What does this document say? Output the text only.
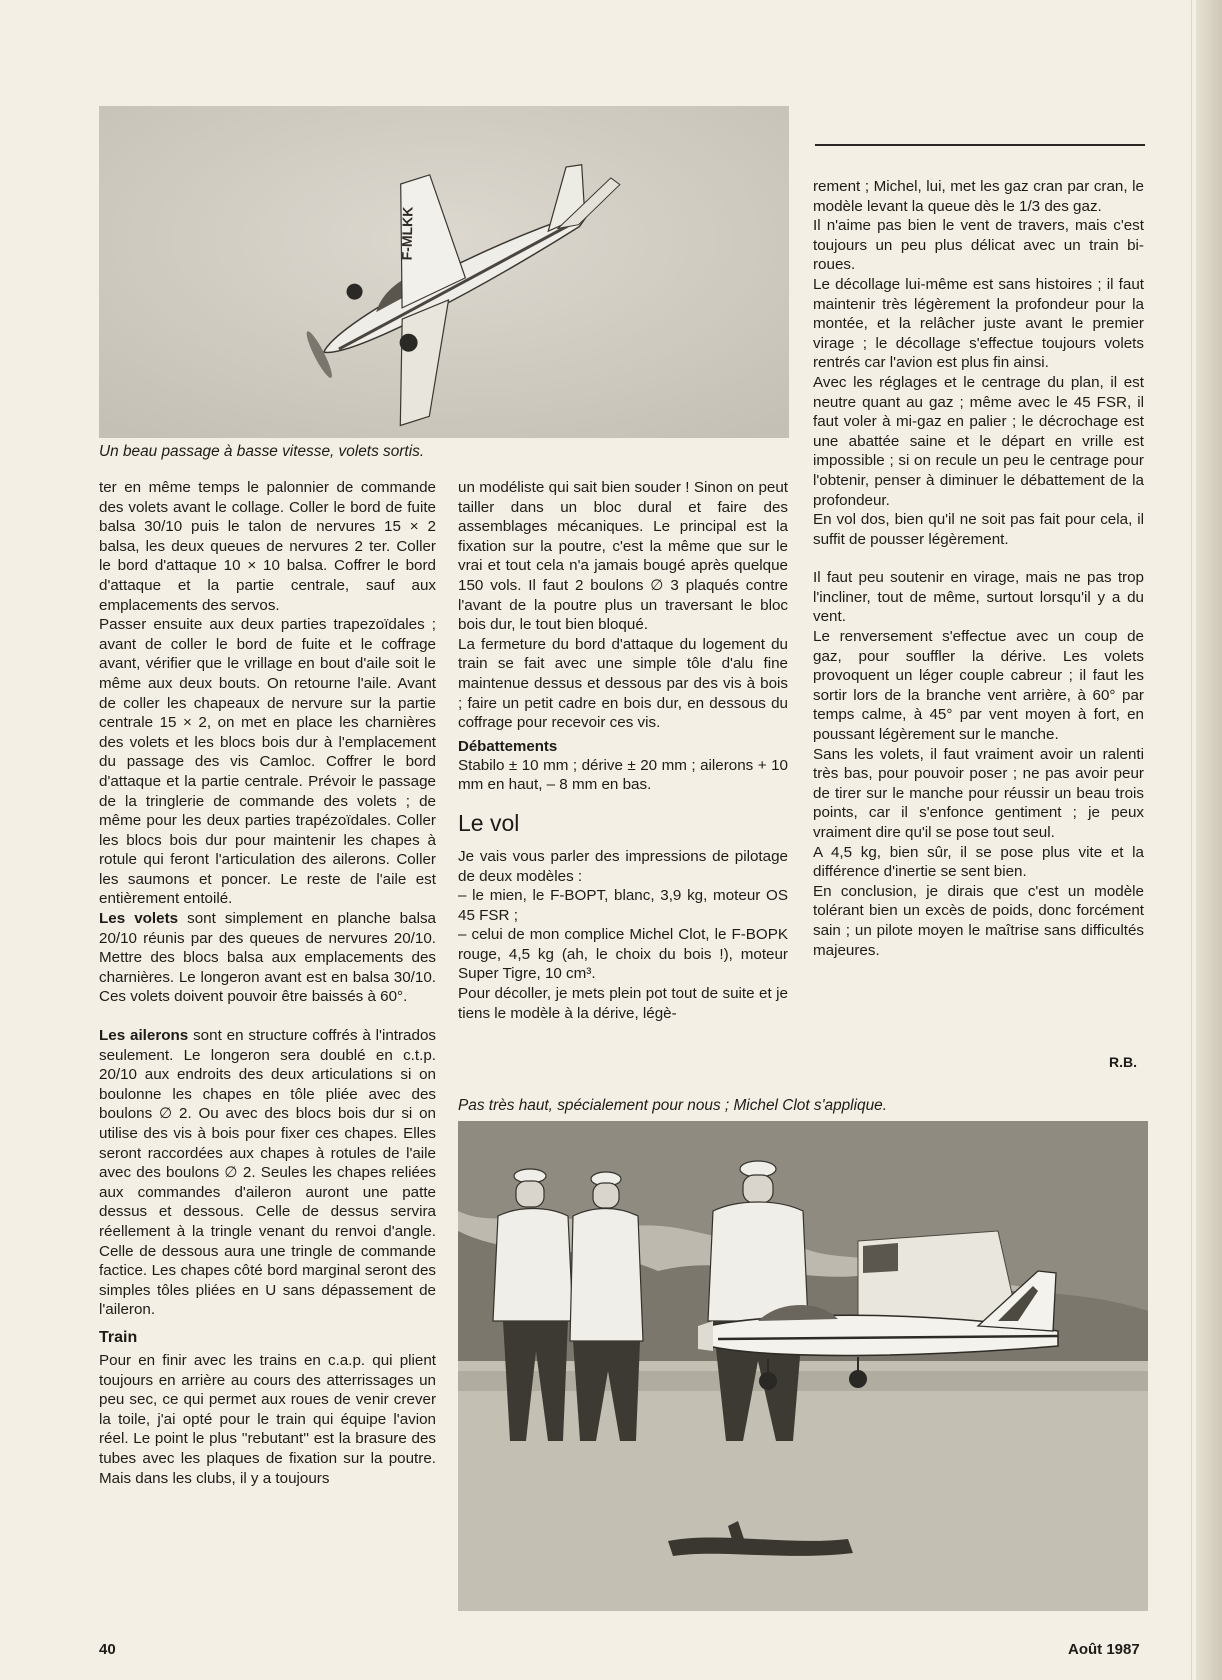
F-MLKK
Un beau passage à basse vitesse, volets sortis.

ter en même temps le palonnier de commande des volets avant le collage. Coller le bord de fuite balsa 30/10 puis le talon de nervures 15 × 2 balsa, les deux queues de nervures 2 ter. Coller le bord d'attaque 10 × 10 balsa. Coffrer le bord d'attaque et la partie centrale, sauf aux emplacements des servos.

Passer ensuite aux deux parties trapezoïdales ; avant de coller le bord de fuite et le coffrage avant, vérifier que le vrillage en bout d'aile soit le même aux deux bouts. On retourne l'aile. Avant de coller les chapeaux de nervure sur la partie centrale 15 × 2, on met en place les charnières des volets et les blocs bois dur à l'emplacement du passage des vis Camloc. Coffrer le bord d'attaque et la partie centrale. Prévoir le passage de la tringlerie de commande des volets ; de même pour les deux parties trapézoïdales. Coller les blocs bois dur pour maintenir les chapes à rotule qui feront l'articulation des ailerons. Coller les saumons et poncer. Le reste de l'aile est entièrement entoilé.

Les volets sont simplement en planche balsa 20/10 réunis par des queues de nervures 20/10. Mettre des blocs balsa aux emplacements des charnières. Le longeron avant est en balsa 30/10. Ces volets doivent pouvoir être baissés à 60°.

Les ailerons sont en structure coffrés à l'intrados seulement. Le longeron sera doublé en c.t.p. 20/10 aux endroits des deux articulations si on boulonne les chapes en tôle pliée avec des boulons ∅ 2. Ou avec des blocs bois dur si on utilise des vis à bois pour fixer ces chapes. Elles seront raccordées aux chapes à rotules de l'aile avec des boulons ∅ 2. Seules les chapes reliées aux commandes d'aileron auront une patte dessus et dessous. Celle de dessus servira réellement à la tringle venant du renvoi d'angle. Celle de dessous aura une tringle de commande factice. Les chapes côté bord marginal seront des simples tôles pliées en U sans dépassement de l'aileron.

Train

Pour en finir avec les trains en c.a.p. qui plient toujours en arrière au cours des atterrissages un peu sec, ce qui permet aux roues de venir crever la toile, j'ai opté pour le train qui équipe l'avion réel. Le point le plus ''rebutant'' est la brasure des tubes avec les plaques de fixation sur la poutre. Mais dans les clubs, il y a toujours

un modéliste qui sait bien souder ! Sinon on peut tailler dans un bloc dural et faire des assemblages mécaniques. Le principal est la fixation sur la poutre, c'est la même que sur le vrai et tout cela n'a jamais bougé après quelque 150 vols. Il faut 2 boulons ∅ 3 plaqués contre l'avant de la poutre plus un traversant le bloc bois dur, le tout bien bloqué.

La fermeture du bord d'attaque du logement du train se fait avec une simple tôle d'alu fine maintenue dessus et dessous par des vis à bois ; faire un petit cadre en bois dur, en dessous du coffrage pour recevoir ces vis.

Débattements

Stabilo ± 10 mm ; dérive ± 20 mm ; ailerons + 10 mm en haut, – 8 mm en bas.

Le vol

Je vais vous parler des impressions de pilotage de deux modèles :

– le mien, le F-BOPT, blanc, 3,9 kg, moteur OS 45 FSR ;

– celui de mon complice Michel Clot, le F-BOPK rouge, 4,5 kg (ah, le choix du bois !), moteur Super Tigre, 10 cm³.

Pour décoller, je mets plein pot tout de suite et je tiens le modèle à la dérive, légè-

rement ; Michel, lui, met les gaz cran par cran, le modèle levant la queue dès le 1/3 des gaz.

Il n'aime pas bien le vent de travers, mais c'est toujours un peu plus délicat avec un train bi-roues.

Le décollage lui-même est sans histoires ; il faut maintenir très légèrement la profondeur pour la montée, et la relâcher juste avant le premier virage ; le décollage s'effectue toujours volets rentrés car l'avion est plus fin ainsi.

Avec les réglages et le centrage du plan, il est neutre quant au gaz ; même avec le 45 FSR, il faut voler à mi-gaz en palier ; le décrochage est une abattée saine et le départ en vrille est impossible ; si on recule un peu le centrage pour l'obtenir, penser à diminuer le débattement de la profondeur.

En vol dos, bien qu'il ne soit pas fait pour cela, il suffit de pousser légèrement.

Il faut peu soutenir en virage, mais ne pas trop l'incliner, tout de même, surtout lorsqu'il y a du vent.

Le renversement s'effectue avec un coup de gaz, pour souffler la dérive. Les volets provoquent un léger couple cabreur ; il faut les sortir lors de la branche vent arrière, à 60° par temps calme, à 45° par vent moyen à fort, en poussant légèrement sur le manche.

Sans les volets, il faut vraiment avoir un ralenti très bas, pour pouvoir poser ; ne pas avoir peur de tirer sur le manche pour réussir un beau trois points, car il s'enfonce gentiment ; je peux vraiment dire qu'il se pose tout seul.

A 4,5 kg, bien sûr, il se pose plus vite et la différence d'inertie se sent bien.

En conclusion, je dirais que c'est un modèle tolérant bien un excès de poids, donc forcément sain ; un pilote moyen le maîtrise sans difficultés majeures.

R.B.
Pas très haut, spécialement pour nous ; Michel Clot s'applique.
40	Août 1987
